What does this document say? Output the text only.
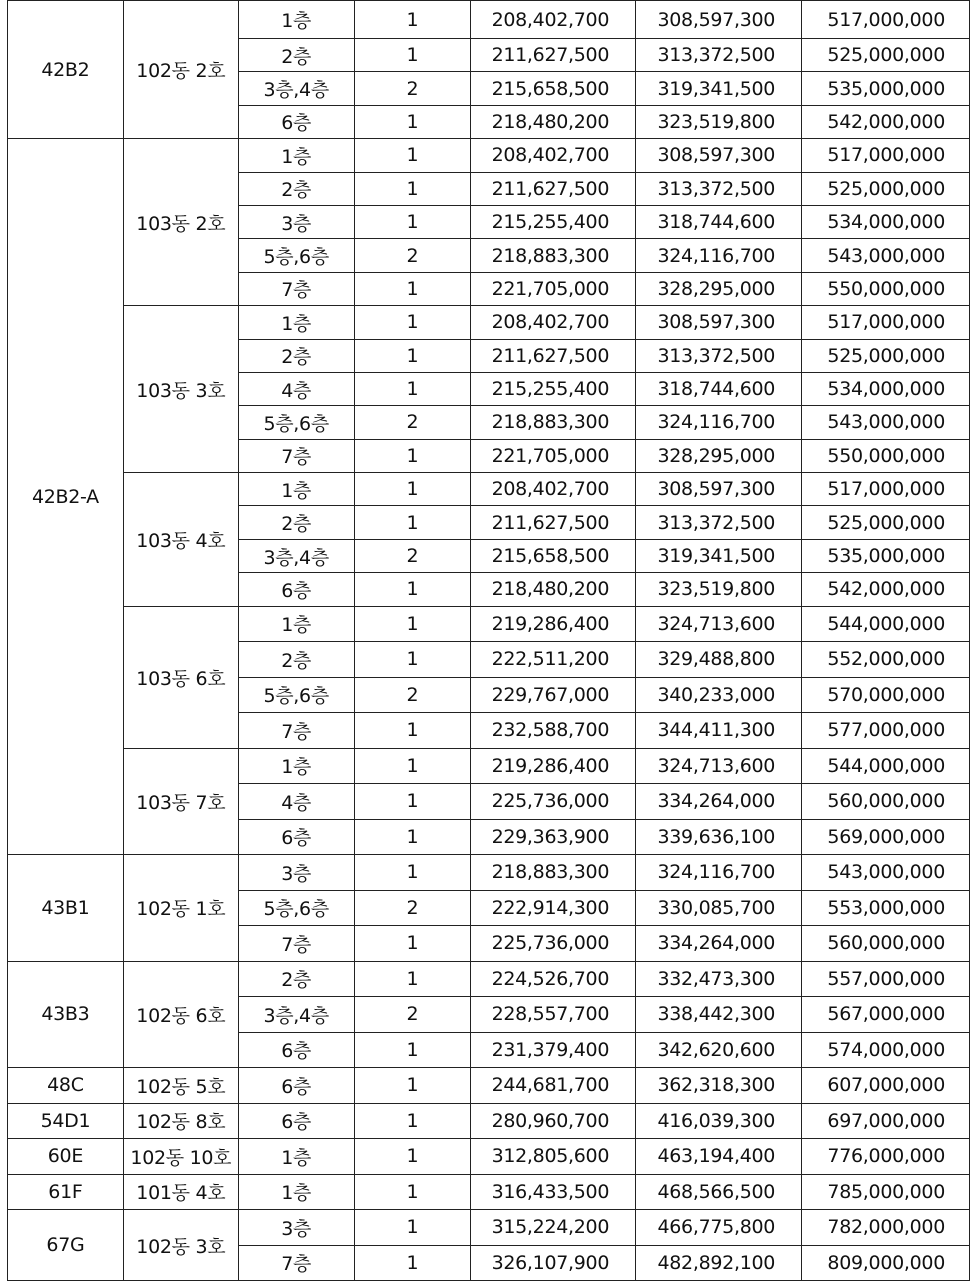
42B2	102동 2호	1층	1	208,402,700	308,597,300	517,000,000
		2층	1	211,627,500	313,372,500	525,000,000
		3층,4층	2	215,658,500	319,341,500	535,000,000
		6층	1	218,480,200	323,519,800	542,000,000
42B2-A	103동 2호	1층	1	208,402,700	308,597,300	517,000,000
		2층	1	211,627,500	313,372,500	525,000,000
		3층	1	215,255,400	318,744,600	534,000,000
		5층,6층	2	218,883,300	324,116,700	543,000,000
		7층	1	221,705,000	328,295,000	550,000,000
	103동 3호	1층	1	208,402,700	308,597,300	517,000,000
		2층	1	211,627,500	313,372,500	525,000,000
		4층	1	215,255,400	318,744,600	534,000,000
		5층,6층	2	218,883,300	324,116,700	543,000,000
		7층	1	221,705,000	328,295,000	550,000,000
	103동 4호	1층	1	208,402,700	308,597,300	517,000,000
		2층	1	211,627,500	313,372,500	525,000,000
		3층,4층	2	215,658,500	319,341,500	535,000,000
		6층	1	218,480,200	323,519,800	542,000,000
	103동 6호	1층	1	219,286,400	324,713,600	544,000,000
		2층	1	222,511,200	329,488,800	552,000,000
		5층,6층	2	229,767,000	340,233,000	570,000,000
		7층	1	232,588,700	344,411,300	577,000,000
	103동 7호	1층	1	219,286,400	324,713,600	544,000,000
		4층	1	225,736,000	334,264,000	560,000,000
		6층	1	229,363,900	339,636,100	569,000,000
43B1	102동 1호	3층	1	218,883,300	324,116,700	543,000,000
		5층,6층	2	222,914,300	330,085,700	553,000,000
		7층	1	225,736,000	334,264,000	560,000,000
43B3	102동 6호	2층	1	224,526,700	332,473,300	557,000,000
		3층,4층	2	228,557,700	338,442,300	567,000,000
		6층	1	231,379,400	342,620,600	574,000,000
48C	102동 5호	6층	1	244,681,700	362,318,300	607,000,000
54D1	102동 8호	6층	1	280,960,700	416,039,300	697,000,000
60E	102동 10호	1층	1	312,805,600	463,194,400	776,000,000
61F	101동 4호	1층	1	316,433,500	468,566,500	785,000,000
67G	102동 3호	3층	1	315,224,200	466,775,800	782,000,000
		7층	1	326,107,900	482,892,100	809,000,000
